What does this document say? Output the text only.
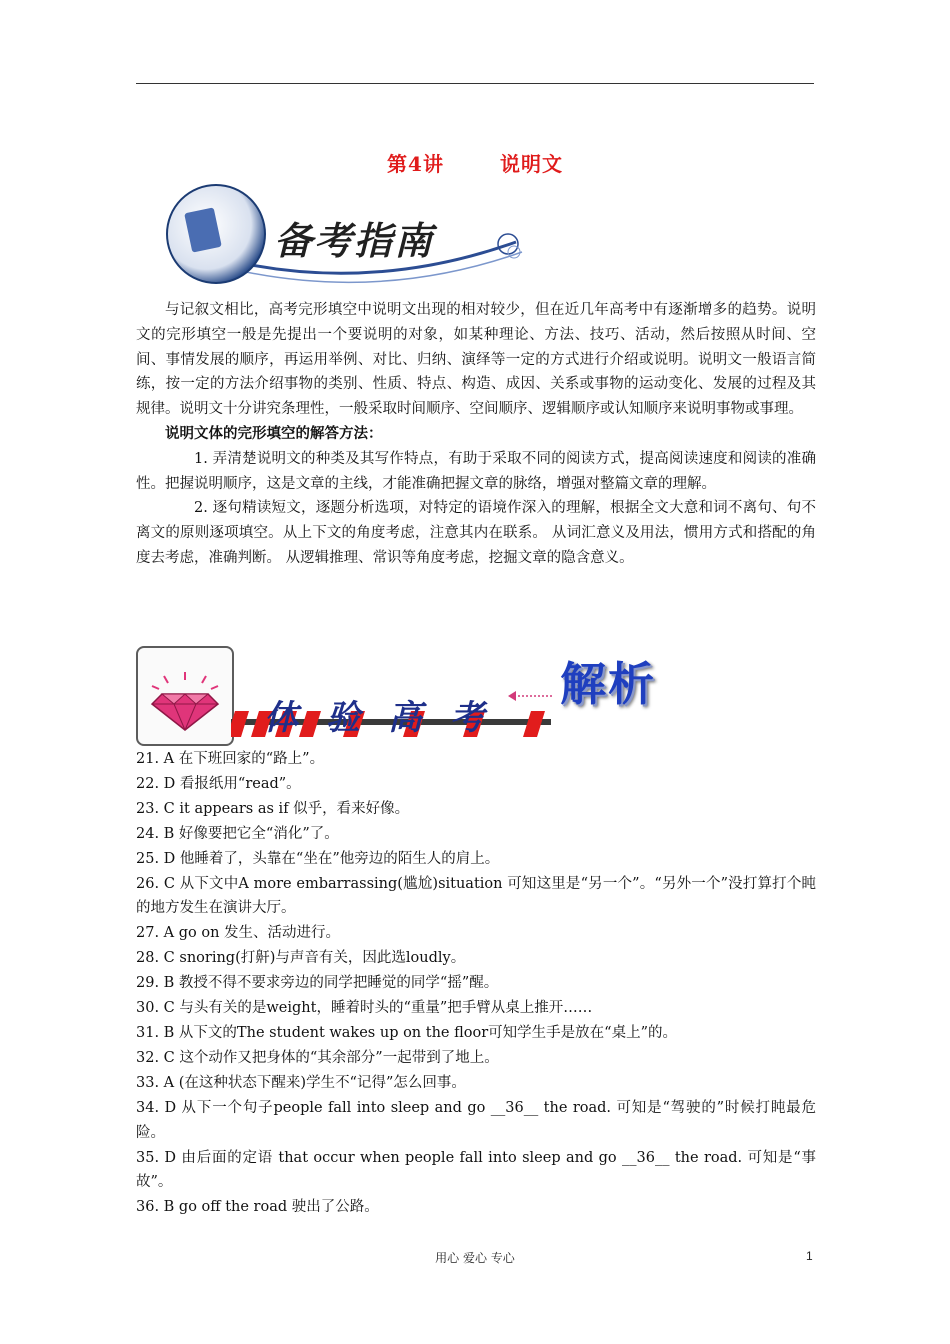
第4讲	说明文
备考指南
与记叙文相比，高考完形填空中说明文出现的相对较少，但在近几年高考中有逐渐增多的趋势。说明文的完形填空一般是先提出一个要说明的对象，如某种理论、方法、技巧、活动，然后按照从时间、空间、事情发展的顺序，再运用举例、对比、归纳、演绎等一定的方式进行介绍或说明。说明文一般语言简练，按一定的方法介绍事物的类别、性质、特点、构造、成因、关系或事物的运动变化、发展的过程及其规律。说明文十分讲究条理性，一般采取时间顺序、空间顺序、逻辑顺序或认知顺序来说明事物或事理。
说明文体的完形填空的解答方法：
1. 弄清楚说明文的种类及其写作特点，有助于采取不同的阅读方式，提高阅读速度和阅读的准确性。把握说明顺序，这是文章的主线，才能准确把握文章的脉络，增强对整篇文章的理解。
2. 逐句精读短文，逐题分析选项，对特定的语境作深入的理解，根据全文大意和词不离句、句不离文的原则逐项填空。从上下文的角度考虑，注意其内在联系。 从词汇意义及用法，惯用方式和搭配的角度去考虑，准确判断。 从逻辑推理、常识等角度考虑，挖掘文章的隐含意义。
体验高考
解析
21. A 在下班回家的“路上”。
22. D 看报纸用“read”。
23. C it appears as if 似乎，看来好像。
24. B 好像要把它全“消化”了。
25. D 他睡着了，头靠在“坐在”他旁边的陌生人的肩上。
26. C 从下文中A more embarrassing(尴尬)situation 可知这里是“另一个”。“另外一个”没打算打个盹的地方发生在演讲大厅。
27. A go on 发生、活动进行。
28. C snoring(打鼾)与声音有关，因此选loudly。
29. B 教授不得不要求旁边的同学把睡觉的同学“摇”醒。
30. C 与头有关的是weight，睡着时头的“重量”把手臂从桌上推开……
31. B 从下文的The student wakes up on the floor可知学生手是放在“桌上”的。
32. C 这个动作又把身体的“其余部分”一起带到了地上。
33. A (在这种状态下醒来)学生不“记得”怎么回事。
34. D 从下一个句子people fall into sleep and go __36__ the road. 可知是“驾驶的”时候打盹最危险。
35. D 由后面的定语 that occur when people fall into sleep and go __36__ the road. 可知是“事故”。
36. B go off the road 驶出了公路。
用心 爱心 专心	1
